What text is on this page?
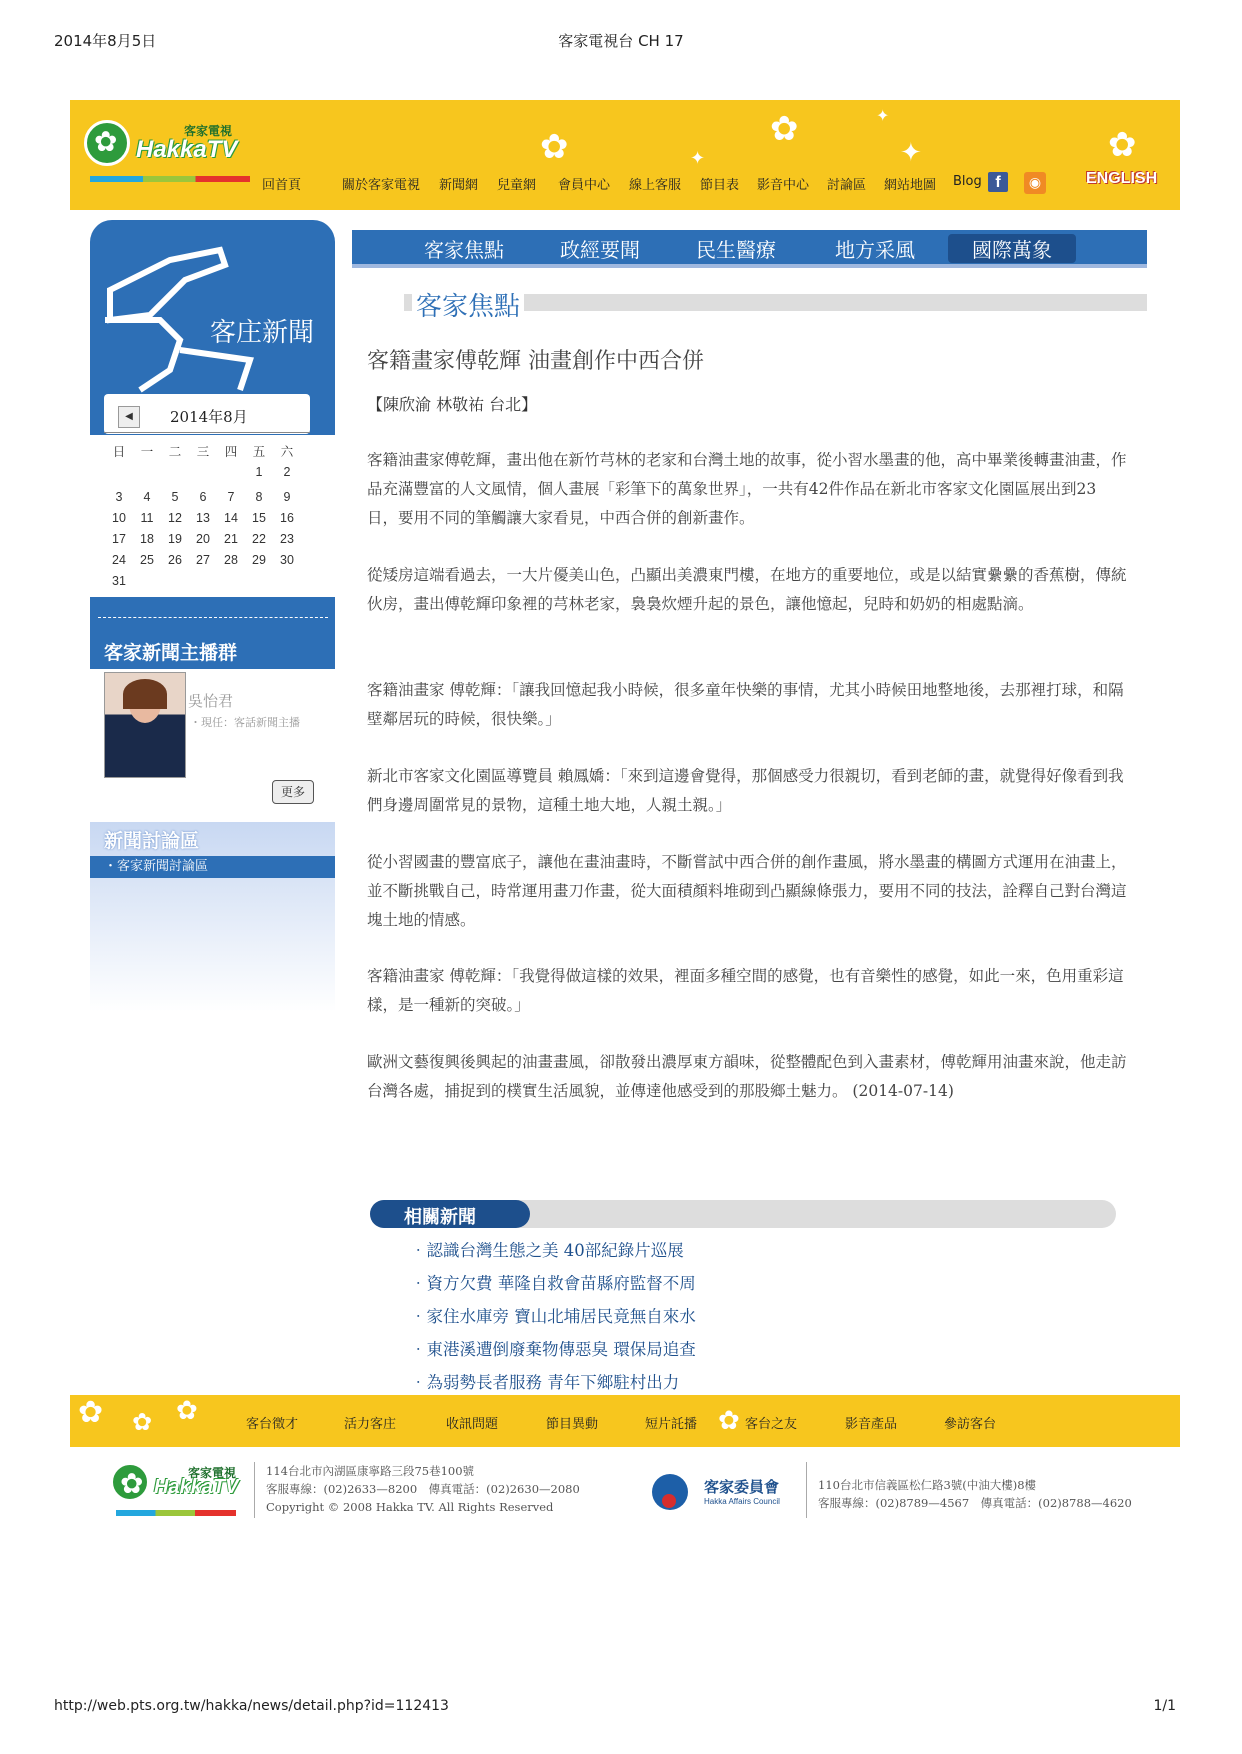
2014年8月5日	客家電視台 CH 17
✿	✿
✦	✿
✦
✦
✿
客家電視
HakkaTV
回首頁	關於客家電視 新聞網 兒童網 會員中心 線上客服 節目表 影音中心 討論區 網站地圖 Blog f	◉	ENGLISH
客庄新聞
◀	2014年8月
日	一	二	三	四	五	六
					1	2

3	4	5	6	7	8	9
10	11	12	13	14	15	16
17	18	19	20	21	22	23
24	25	26	27	28	29	30
31						
客家新聞主播群
吳怡君
・現任：客話新聞主播
更多
新聞討論區
・客家新聞討論區
客家焦點	政經要聞	民生醫療	地方采風	國際萬象
客家焦點
客籍畫家傅乾輝 油畫創作中西合併
【陳欣渝 林敬祐 台北】
客籍油畫家傅乾輝，畫出他在新竹芎林的老家和台灣土地的故事，從小習水墨畫的他，高中畢業後轉畫油畫，作品充滿豐富的人文風情，個人畫展「彩筆下的萬象世界」，一共有42件作品在新北市客家文化園區展出到23日，要用不同的筆觸讓大家看見，中西合併的創新畫作。
從矮房這端看過去，一大片優美山色，凸顯出美濃東門樓，在地方的重要地位，或是以結實纍纍的香蕉樹，傳統伙房，畫出傅乾輝印象裡的芎林老家，裊裊炊煙升起的景色，讓他憶起，兒時和奶奶的相處點滴。
客籍油畫家 傅乾輝：「讓我回憶起我小時候，很多童年快樂的事情，尤其小時候田地整地後，去那裡打球，和隔壁鄰居玩的時候，很快樂。」
新北市客家文化園區導覽員 賴鳳嬌：「來到這邊會覺得，那個感受力很親切，看到老師的畫，就覺得好像看到我們身邊周圍常見的景物，這種土地大地，人親土親。」
從小習國畫的豐富底子，讓他在畫油畫時，不斷嘗試中西合併的創作畫風，將水墨畫的構圖方式運用在油畫上，並不斷挑戰自己，時常運用畫刀作畫，從大面積顏料堆砌到凸顯線條張力，要用不同的技法，詮釋自己對台灣這塊土地的情感。
客籍油畫家 傅乾輝：「我覺得做這樣的效果，裡面多種空間的感覺，也有音樂性的感覺，如此一來，色用重彩這樣，是一種新的突破。」
歐洲文藝復興後興起的油畫畫風，卻散發出濃厚東方韻味，從整體配色到入畫素材，傅乾輝用油畫來說，他走訪台灣各處，捕捉到的樸實生活風貌，並傳達他感受到的那股鄉土魅力。 (2014-07-14)
相關新聞
‧認識台灣生態之美 40部紀錄片巡展
‧資方欠費 華隆自救會苗縣府監督不周
‧家住水庫旁 寶山北埔居民竟無自來水
‧東港溪遭倒廢棄物傳惡臭 環保局追查
‧為弱勢長者服務 青年下鄉駐村出力
✿ ✿ ✿	✿
客台徵才	活力客庄	收訊問題	節目異動	短片託播	客台之友	影音產品	參訪客台
✿
客家電視
HakkaTV
114台北市內湖區康寧路三段75巷100號
客服專線：(02)2633—8200　傳真電話：(02)2630—2080
Copyright © 2008 Hakka TV. All Rights Reserved
客家委員會
Hakka Affairs Council
110台北市信義區松仁路3號(中油大樓)8樓
客服專線：(02)8789—4567　傳真電話：(02)8788—4620
http://web.pts.org.tw/hakka/news/detail.php?id=112413	1/1
